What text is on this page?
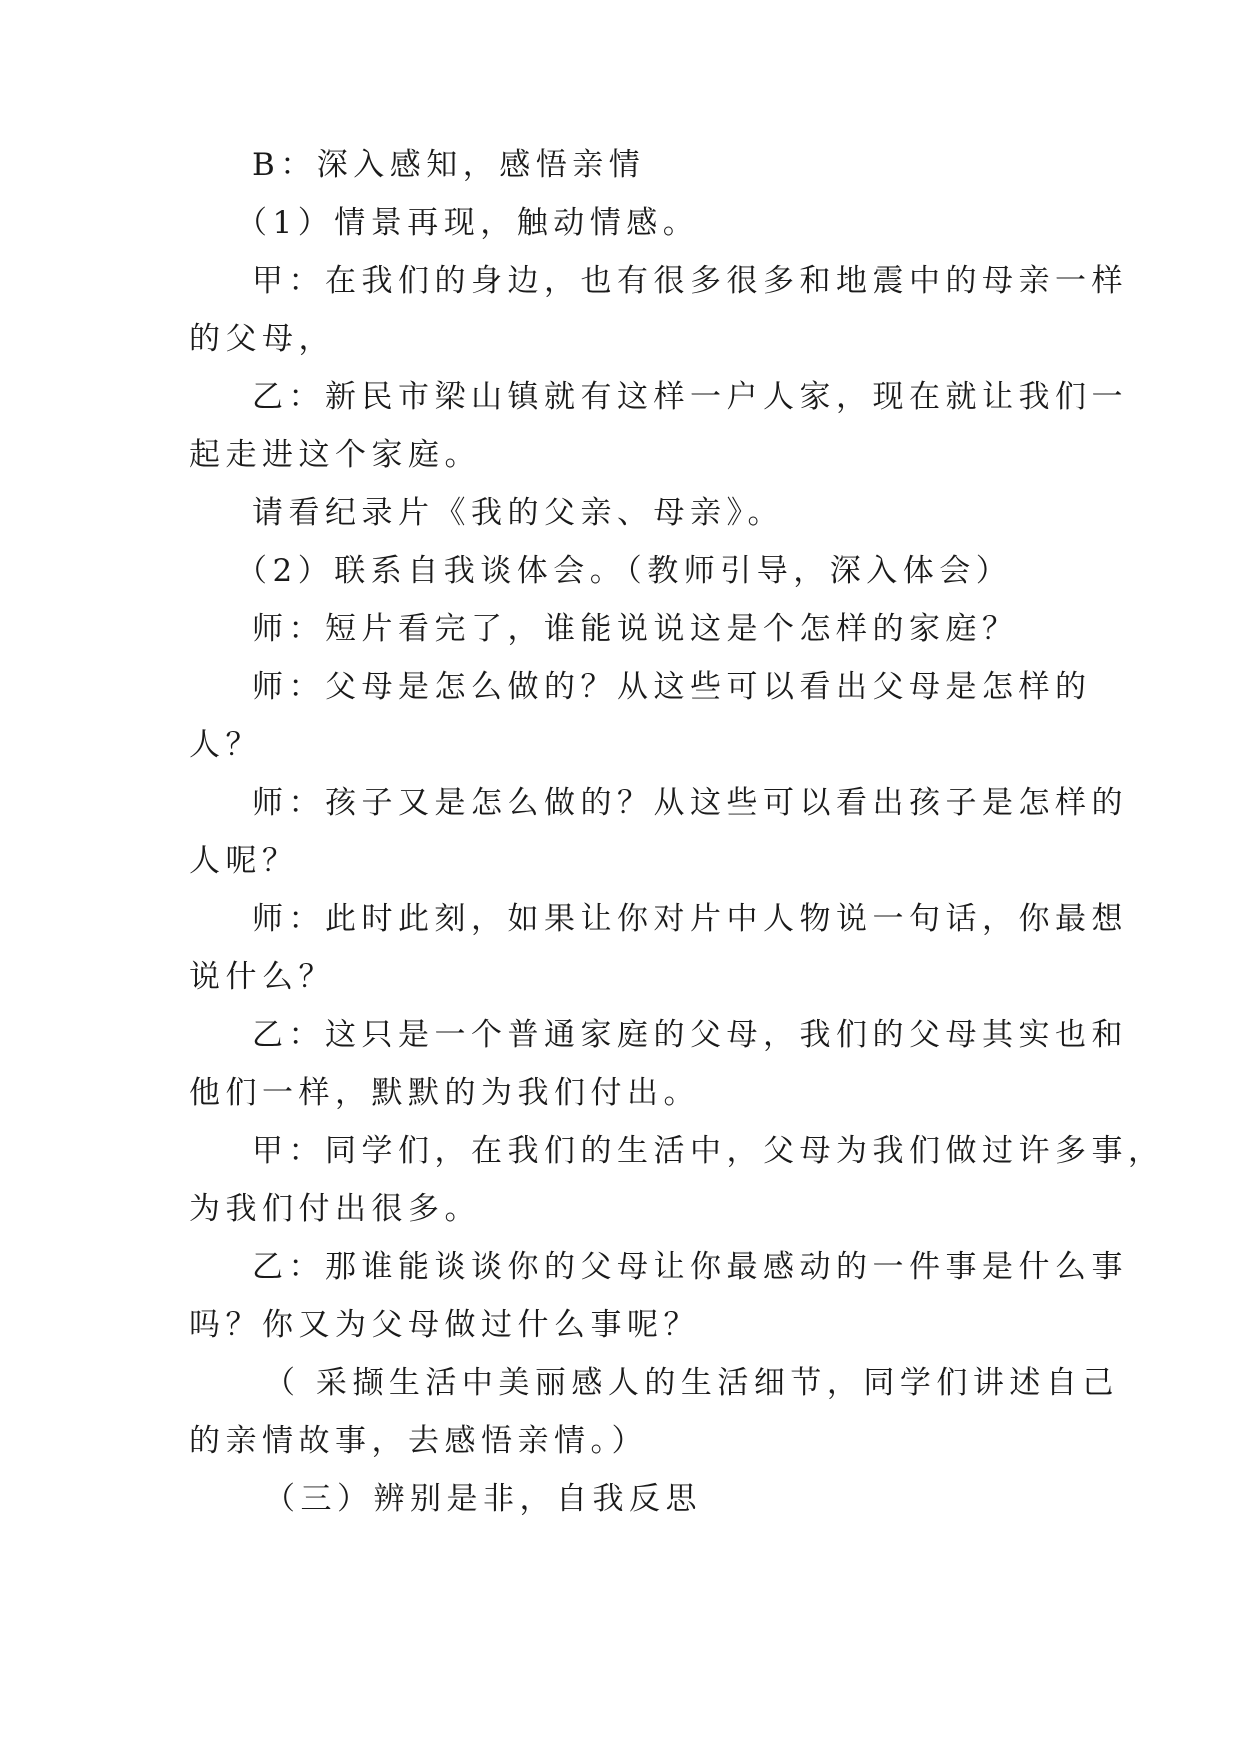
B：深入感知，感悟亲情
（1）情景再现，触动情感。
甲：在我们的身边，也有很多很多和地震中的母亲一样
的父母，
乙：新民市梁山镇就有这样一户人家，现在就让我们一
起走进这个家庭。
请看纪录片《我的父亲、母亲》。
（2）联系自我谈体会。（教师引导，深入体会）
师：短片看完了，谁能说说这是个怎样的家庭？
师：父母是怎么做的？从这些可以看出父母是怎样的
人？
师：孩子又是怎么做的？从这些可以看出孩子是怎样的
人呢？
师：此时此刻，如果让你对片中人物说一句话，你最想
说什么？
乙：这只是一个普通家庭的父母，我们的父母其实也和
他们一样，默默的为我们付出。
甲：同学们，在我们的生活中，父母为我们做过许多事，
为我们付出很多。
乙：那谁能谈谈你的父母让你最感动的一件事是什么事
吗？你又为父母做过什么事呢？
（ 采撷生活中美丽感人的生活细节，同学们讲述自己
的亲情故事，去感悟亲情。）
（三）辨别是非，自我反思
